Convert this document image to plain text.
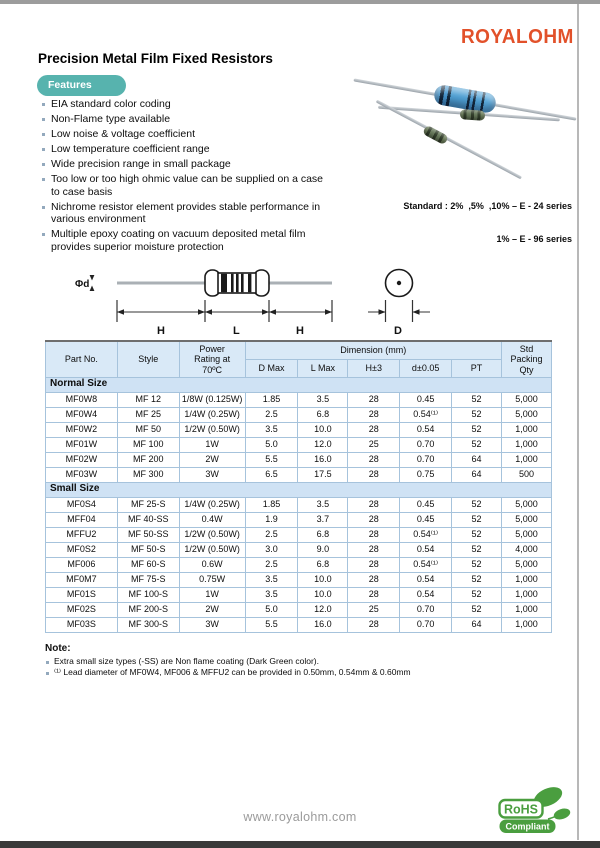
ROYALOHM
Precision Metal Film Fixed Resistors
Features
EIA standard color coding
Non-Flame type available
Low noise & voltage coefficient
Low temperature coefficient range
Wide precision range in small package
Too low or too high ohmic value can be supplied on a case to case basis
Nichrome resistor element provides stable performance in various environment
Multiple epoxy coating on vacuum deposited metal film provides superior moisture protection

Standard : 2%  ,5%  ,10% – E - 24 series

1% – E - 96 series

Φd
H	L	H	D
Part No.	Style	Power Rating at 70ºC	Dimension (mm)					Std Packing Qty
			D Max	L Max	H±3	d±0.05	PT	
Normal Size								
MF0W8	MF 12	1/8W (0.125W)	1.85	3.5	28	0.45	52	5,000
MF0W4	MF 25	1/4W (0.25W)	2.5	6.8	28	0.54⁽¹⁾	52	5,000
MF0W2	MF 50	1/2W (0.50W)	3.5	10.0	28	0.54	52	1,000
MF01W	MF 100	1W	5.0	12.0	25	0.70	52	1,000
MF02W	MF 200	2W	5.5	16.0	28	0.70	64	1,000
MF03W	MF 300	3W	6.5	17.5	28	0.75	64	500
Small Size								
MF0S4	MF 25-S	1/4W (0.25W)	1.85	3.5	28	0.45	52	5,000
MFF04	MF 40-SS	0.4W	1.9	3.7	28	0.45	52	5,000
MFFU2	MF 50-SS	1/2W (0.50W)	2.5	6.8	28	0.54⁽¹⁾	52	5,000
MF0S2	MF 50-S	1/2W (0.50W)	3.0	9.0	28	0.54	52	4,000
MF006	MF 60-S	0.6W	2.5	6.8	28	0.54⁽¹⁾	52	5,000
MF0M7	MF 75-S	0.75W	3.5	10.0	28	0.54	52	1,000
MF01S	MF 100-S	1W	3.5	10.0	28	0.54	52	1,000
MF02S	MF 200-S	2W	5.0	12.0	25	0.70	52	1,000
MF03S	MF 300-S	3W	5.5	16.0	28	0.70	64	1,000
Note:
Extra small size types (-SS) are Non flame coating (Dark Green color).
⁽¹⁾ Lead diameter of MF0W4, MF006 & MFFU2 can be provided in 0.50mm, 0.54mm & 0.60mm
www.royalohm.com
RoHS
Compliant
